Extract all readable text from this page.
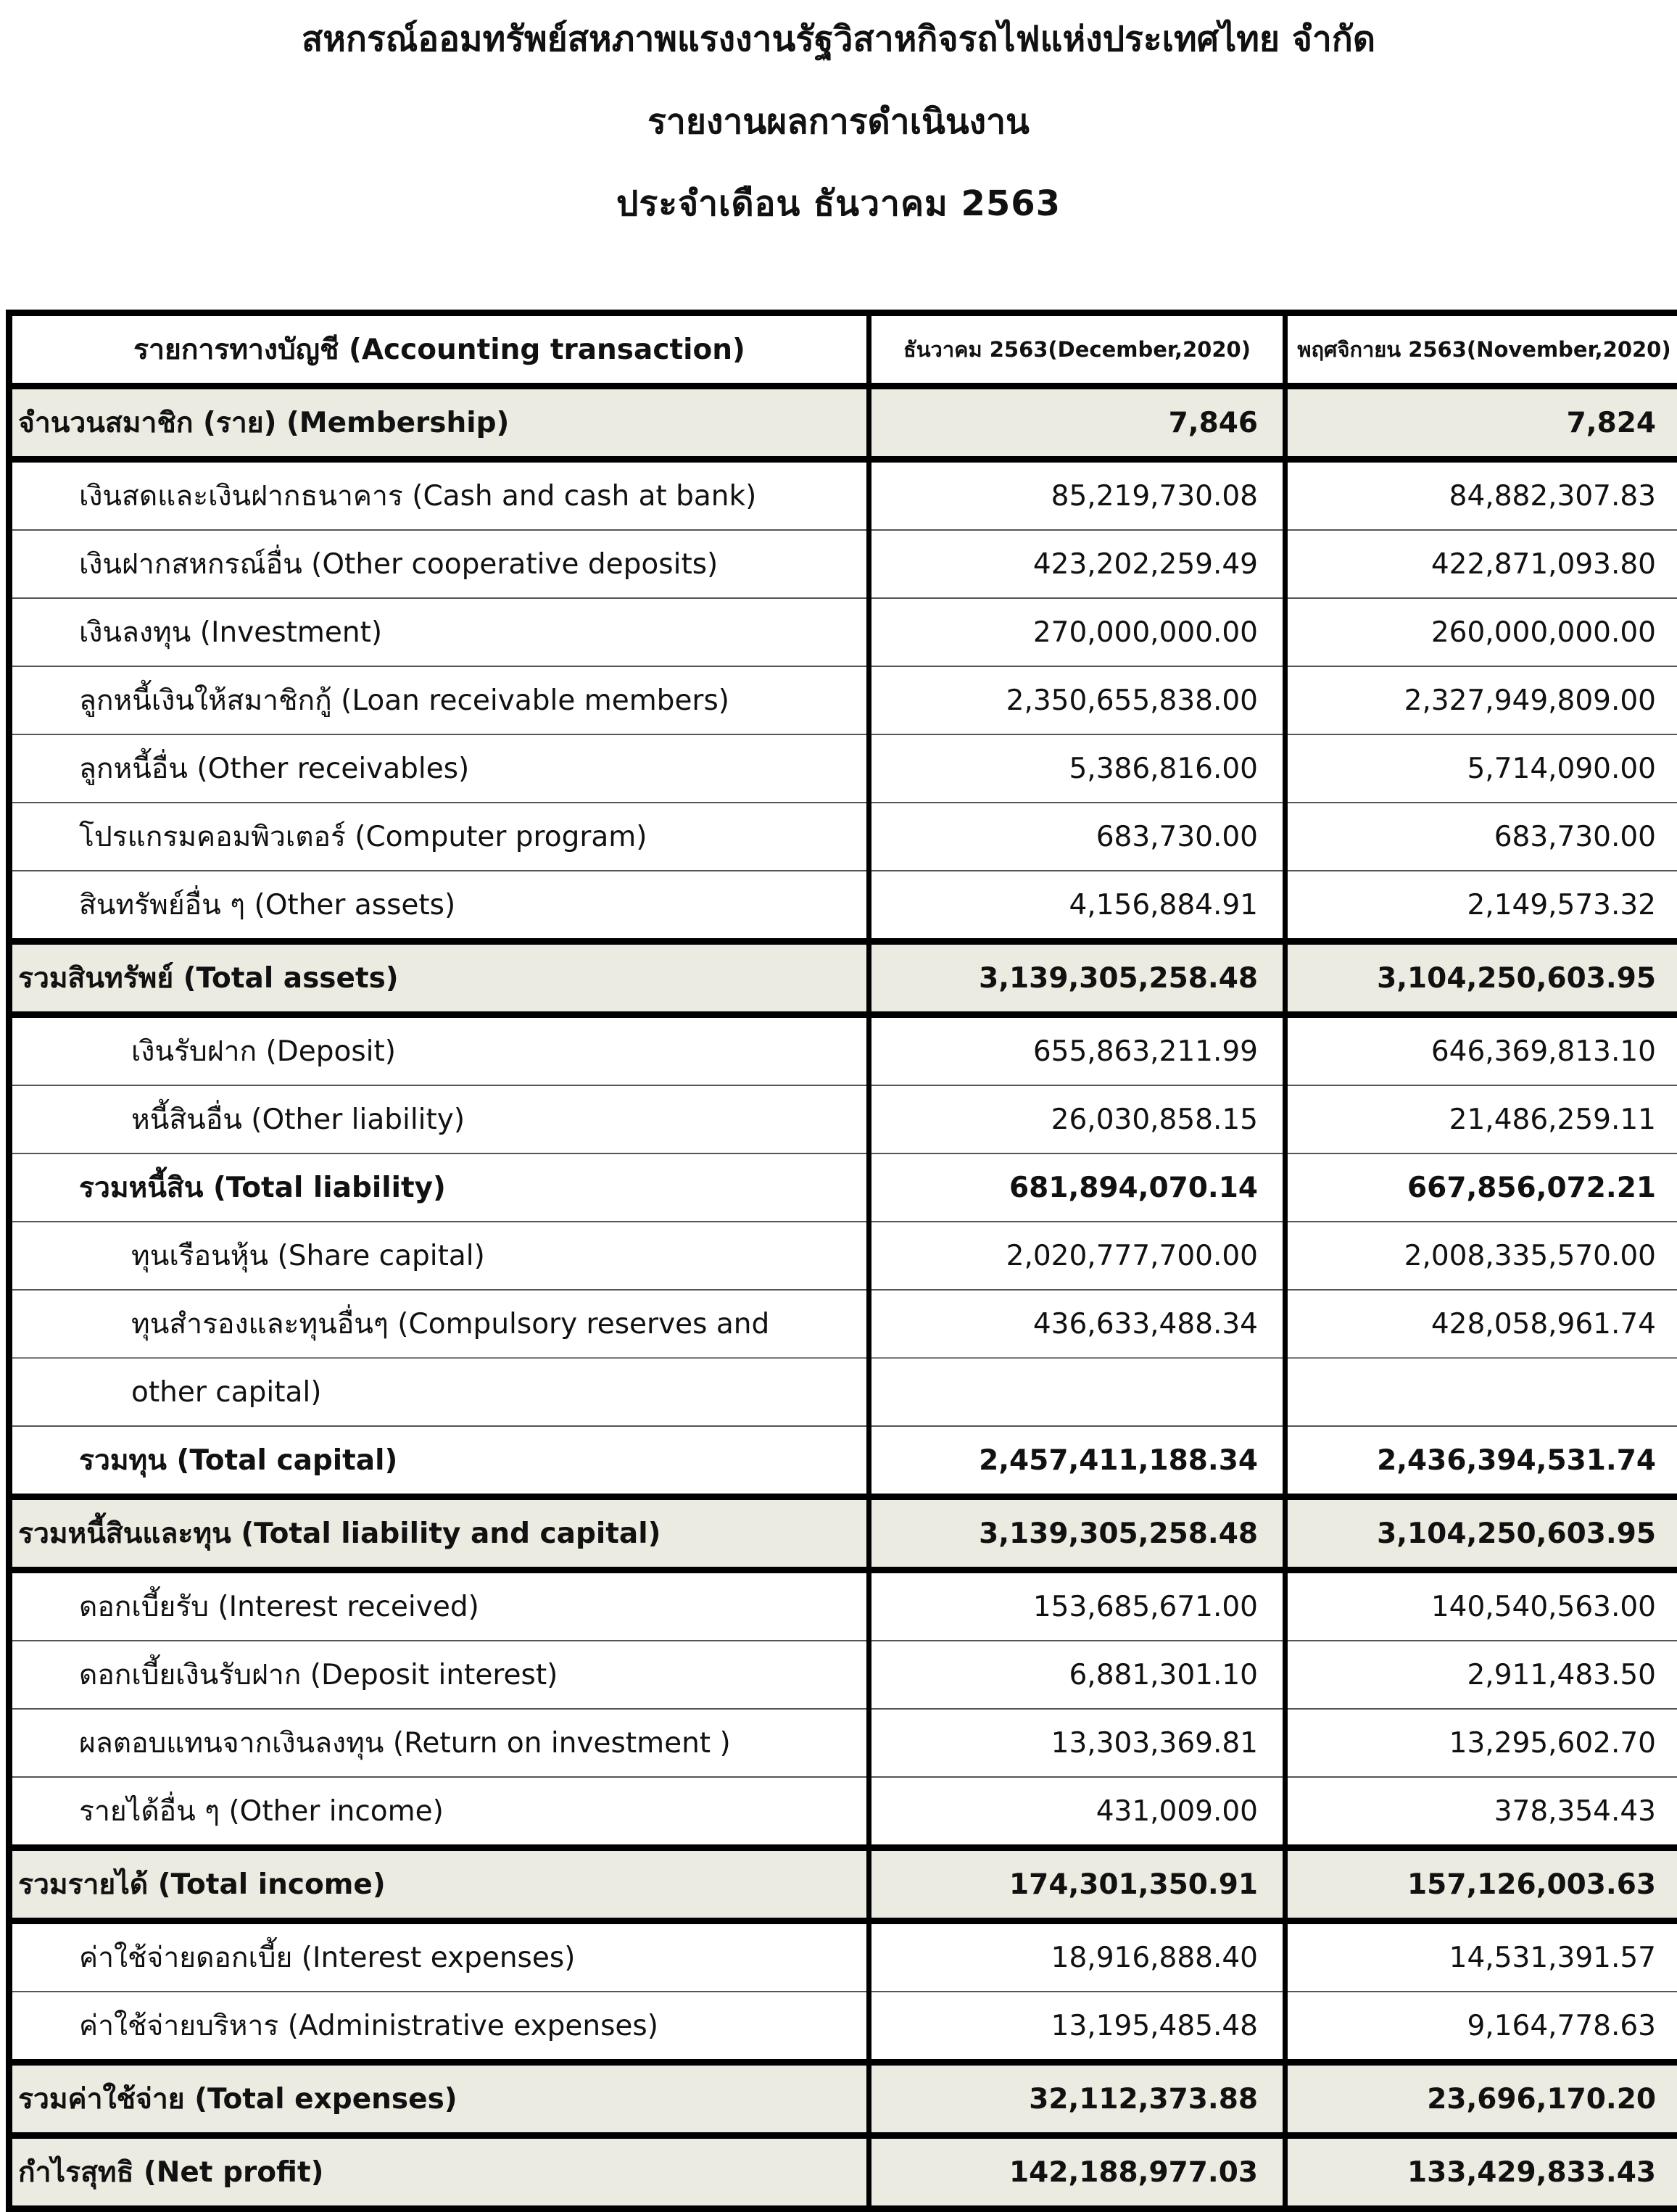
สหกรณ์ออมทรัพย์สหภาพแรงงานรัฐวิสาหกิจรถไฟแห่งประเทศไทย จำกัด
รายงานผลการดำเนินงาน
ประจำเดือน ธันวาคม 2563
รายการทางบัญชี (Accounting transaction)	ธันวาคม 2563(December,2020)	พฤศจิกายน 2563(November,2020)
จำนวนสมาชิก (ราย) (Membership)	7,846	7,824
เงินสดและเงินฝากธนาคาร (Cash and cash at bank)	85,219,730.08	84,882,307.83
เงินฝากสหกรณ์อื่น (Other cooperative deposits)	423,202,259.49	422,871,093.80
เงินลงทุน (Investment)	270,000,000.00	260,000,000.00
ลูกหนี้เงินให้สมาชิกกู้ (Loan receivable members)	2,350,655,838.00	2,327,949,809.00
ลูกหนี้อื่น (Other receivables)	5,386,816.00	5,714,090.00
โปรแกรมคอมพิวเตอร์ (Computer program)	683,730.00	683,730.00
สินทรัพย์อื่น ๆ (Other assets)	4,156,884.91	2,149,573.32
รวมสินทรัพย์ (Total assets)	3,139,305,258.48	3,104,250,603.95
เงินรับฝาก (Deposit)	655,863,211.99	646,369,813.10
หนี้สินอื่น (Other liability)	26,030,858.15	21,486,259.11
รวมหนี้สิน (Total liability)	681,894,070.14	667,856,072.21
ทุนเรือนหุ้น (Share capital)	2,020,777,700.00	2,008,335,570.00
ทุนสำรองและทุนอื่นๆ (Compulsory reserves and	436,633,488.34	428,058,961.74
other capital)		
รวมทุน (Total capital)	2,457,411,188.34	2,436,394,531.74
รวมหนี้สินและทุน (Total liability and capital)	3,139,305,258.48	3,104,250,603.95
ดอกเบี้ยรับ (Interest received)	153,685,671.00	140,540,563.00
ดอกเบี้ยเงินรับฝาก (Deposit interest)	6,881,301.10	2,911,483.50
ผลตอบแทนจากเงินลงทุน (Return on investment )	13,303,369.81	13,295,602.70
รายได้อื่น ๆ (Other income)	431,009.00	378,354.43
รวมรายได้ (Total income)	174,301,350.91	157,126,003.63
ค่าใช้จ่ายดอกเบี้ย (Interest expenses)	18,916,888.40	14,531,391.57
ค่าใช้จ่ายบริหาร (Administrative expenses)	13,195,485.48	9,164,778.63
รวมค่าใช้จ่าย (Total expenses)	32,112,373.88	23,696,170.20
กำไรสุทธิ (Net profit)	142,188,977.03	133,429,833.43
